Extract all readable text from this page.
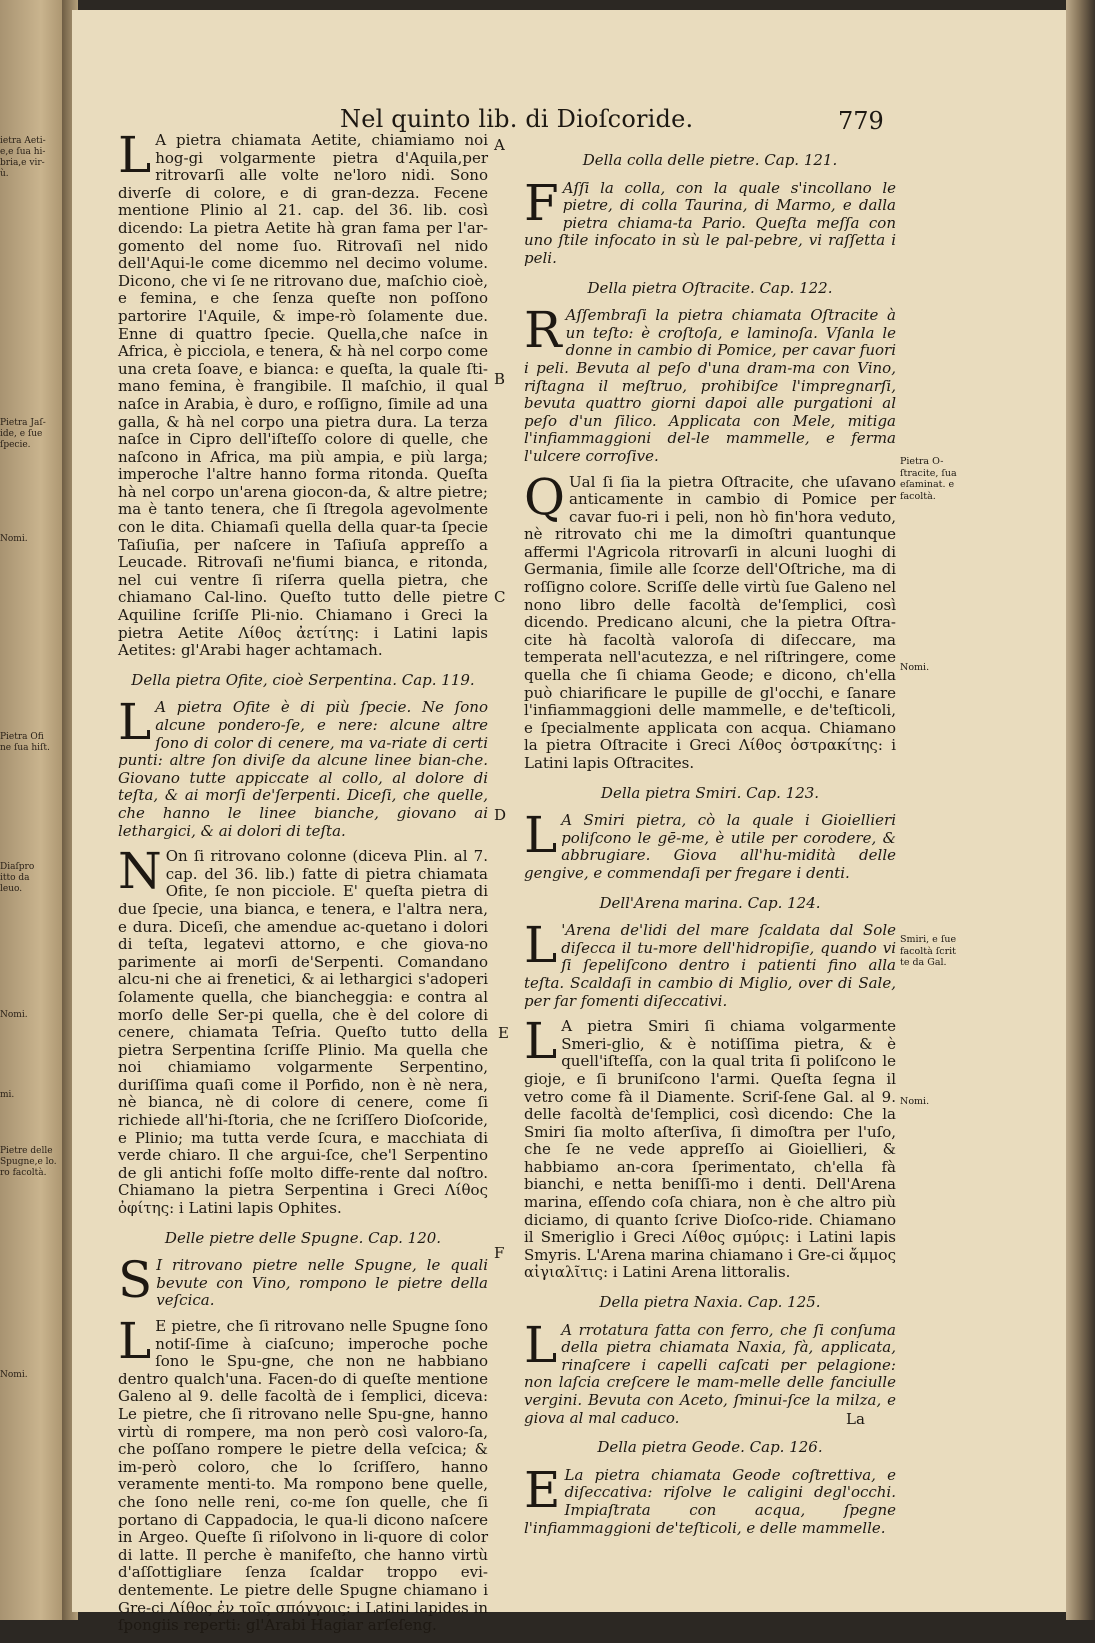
ietra Aeti-
e,e ſua hi-
bria,e vir-
ù.
Pietra Jaſ-
ide, e ſue
ſpecie.
Nomi.
Pietra Ofi
ne ſua hiſt.
Diaſpro
itto da
leuo.
Nomi.
mi.
Pietre delle
Spugne,e lo.
ro facoltà.
Nomi.
Nel quinto lib. di Dioſcoride.	779
A
B
C
D
E
F
L A pietra chiamata Aetite, chiamiamo noi hog-gi volgarmente pietra d'Aquila,per ritrovarſi alle volte ne'loro nidi. Sono diverſe di colore, e di gran-dezza. Fecene mentione Plinio al 21. cap. del 36. lib. così dicendo: La pietra Aetite hà gran fama per l'ar-gomento del nome ſuo. Ritrovaſi nel nido dell'Aqui-le come dicemmo nel decimo volume. Dicono, che vi ſe ne ritrovano due, maſchio cioè, e femina, e che ſenza queſte non poſſono partorire l'Aquile, & impe-rò ſolamente due. Enne di quattro ſpecie. Quella,che naſce in Africa, è picciola, e tenera, & hà nel corpo come una creta ſoave, e bianca: e queſta, la quale ſti-mano femina, è frangibile. Il maſchio, il qual naſce in Arabia, è duro, e roſſigno, ſimile ad una galla, & hà nel corpo una pietra dura. La terza naſce in Cipro dell'iſteſſo colore di quelle, che naſcono in Africa, ma più ampia, e più larga; imperoche l'altre hanno forma ritonda. Queſta hà nel corpo un'arena giocon-da, & altre pietre; ma è tanto tenera, che ſi ſtregola agevolmente con le dita. Chiamaſi quella della quar-ta ſpecie Taſiuſia, per naſcere in Taſiuſa appreſſo a Leucade. Ritrovaſi ne'fiumi bianca, e ritonda, nel cui ventre ſi riſerra quella pietra, che chiamano Cal-lino. Queſto tutto delle pietre Aquiline ſcriſſe Pli-nio. Chiamano i Greci la pietra Aetite Λίθος ἀετίτης: i Latini lapis Aetites: gl'Arabi hager achtamach.
Della pietra Ofite, cioè Serpentina. Cap. 119.
L A pietra Ofite è di più ſpecie. Ne ſono alcune pondero-ſe, e nere: alcune altre ſono di color di cenere, ma va-riate di certi punti: altre ſon diviſe da alcune linee bian-che. Giovano tutte appiccate al collo, al dolore di teſta, & ai morſi de'ſerpenti. Diceſi, che quelle, che hanno le linee bianche, giovano ai lethargici, & ai dolori di teſta.
N On ſi ritrovano colonne (diceva Plin. al 7. cap. del 36. lib.) fatte di pietra chiamata Ofite, ſe non picciole. E' queſta pietra di due ſpecie, una bianca, e tenera, e l'altra nera, e dura. Diceſi, che amendue ac-quetano i dolori di teſta, legatevi attorno, e che giova-no parimente ai morſi de'Serpenti. Comandano alcu-ni che ai frenetici, & ai lethargici s'adoperi ſolamente quella, che biancheggia: e contra al morſo delle Ser-pi quella, che è del colore di cenere, chiamata Teſria. Queſto tutto della pietra Serpentina ſcriſſe Plinio. Ma quella che noi chiamiamo volgarmente Serpentino, duriſſima quaſi come il Porfido, non è nè nera, nè bianca, nè di colore di cenere, come ſi richiede all'hi-ſtoria, che ne ſcriſſero Dioſcoride, e Plinio; ma tutta verde ſcura, e macchiata di verde chiaro. Il che argui-ſce, che'l Serpentino de gli antichi foſſe molto diffe-rente dal noſtro. Chiamano la pietra Serpentina i Greci Λίθος ὀφίτης: i Latini lapis Ophites.
Delle pietre delle Spugne. Cap. 120.
S I ritrovano pietre nelle Spugne, le quali bevute con Vino, rompono le pietre della veſcica.
L E pietre, che ſi ritrovano nelle Spugne ſono notiſ-ſime à ciaſcuno; imperoche poche ſono le Spu-gne, che non ne habbiano dentro qualch'una. Facen-do di queſte mentione Galeno al 9. delle facoltà de i ſemplici, diceva: Le pietre, che ſi ritrovano nelle Spu-gne, hanno virtù di rompere, ma non però così valoro-ſa, che poſſano rompere le pietre della veſcica; & im-però coloro, che lo ſcriſſero, hanno veramente menti-to. Ma rompono bene quelle, che ſono nelle reni, co-me ſon quelle, che ſi portano di Cappadocia, le qua-li dicono naſcere in Argeo. Queſte ſi riſolvono in li-quore di color di latte. Il perche è manifeſto, che hanno virtù d'aſſottigliare ſenza ſcaldar troppo evi-dentemente. Le pietre delle Spugne chiamano i Gre-ci Λίθος ἐν τοῖς σπόγγοις: i Latini lapides in ſpongiis reperti: gl'Arabi Hagiar arſeſeng.
Della colla delle pietre. Cap. 121.
F Aſſi la colla, con la quale s'incollano le pietre, di colla Taurina, di Marmo, e dalla pietra chiama-ta Pario. Queſta meſſa con uno ſtile infocato in sù le pal-pebre, vi raſſetta i peli.
Della pietra Oſtracite. Cap. 122.
R Aſſembraſi la pietra chiamata Oſtracite à un teſto: è croſtoſa, e laminoſa. Vſanla le donne in cambio di Pomice, per cavar fuori i peli. Bevuta al peſo d'una dram-ma con Vino, riſtagna il meſtruo, prohibiſce l'impregnarſi, bevuta quattro giorni dapoi alle purgationi al peſo d'un ſilico. Applicata con Mele, mitiga l'infiammaggioni del-le mammelle, e ferma l'ulcere corroſive.
Q Ual ſi ſia la pietra Oſtracite, che uſavano anticamente in cambio di Pomice per cavar fuo-ri i peli, non hò fin'hora veduto, nè ritrovato chi me la dimoſtri quantunque affermi l'Agricola ritrovarſi in alcuni luoghi di Germania, ſimile alle ſcorze dell'Oſtriche, ma di roſſigno colore. Scriſſe delle virtù ſue Galeno nel nono libro delle facoltà de'ſemplici, così dicendo. Predicano alcuni, che la pietra Oſtra-cite hà facoltà valoroſa di diſeccare, ma temperata nell'acutezza, e nel riſtringere, come quella che ſi chiama Geode; e dicono, ch'ella può chiarificare le pupille de gl'occhi, e ſanare l'infiammaggioni delle mammelle, e de'teſticoli, e ſpecialmente applicata con acqua. Chiamano la pietra Oſtracite i Greci Λίθος ὀστρακίτης: i Latini lapis Oſtracites.
Della pietra Smiri. Cap. 123.
L A Smiri pietra, cò la quale i Gioiellieri poliſcono le gē-me, è utile per corodere, & abbrugiare. Giova all'hu-midità delle gengive, e commendaſi per fregare i denti.
Dell'Arena marina. Cap. 124.
L 'Arena de'lidi del mare ſcaldata dal Sole diſecca il tu-more dell'hidropiſie, quando vi ſi ſepeliſcono dentro i patienti fino alla teſta. Scaldaſi in cambio di Miglio, over di Sale, per far fomenti diſeccativi.
L A pietra Smiri ſi chiama volgarmente Smeri-glio, & è notiſſima pietra, & è quell'iſteſſa, con la qual trita ſi poliſcono le gioje, e ſi bruniſcono l'armi. Queſta ſegna il vetro come fà il Diamente. Scriſ-ſene Gal. al 9. delle facoltà de'ſemplici, così dicendo: Che la Smiri ſia molto aſterſiva, ſi dimoſtra per l'uſo, che ſe ne vede appreſſo ai Gioiellieri, & habbiamo an-cora ſperimentato, ch'ella fà bianchi, e netta beniſſi-mo i denti. Dell'Arena marina, eſſendo coſa chiara, non è che altro più diciamo, di quanto ſcrive Dioſco-ride. Chiamano il Smeriglio i Greci Λίθος σμύρις: i Latini lapis Smyris. L'Arena marina chiamano i Gre-ci ἄμμος αἰγιαλῖτις: i Latini Arena littoralis.
Della pietra Naxia. Cap. 125.
L A rrotatura fatta con ferro, che ſi conſuma della pietra chiamata Naxia, fà, applicata, rinaſcere i capelli caſcati per pelagione: non laſcia creſcere le mam-melle delle fanciulle vergini. Bevuta con Aceto, ſminui-ſce la milza, e giova al mal caduco.
Della pietra Geode. Cap. 126.
E La pietra chiamata Geode coſtrettiva, e diſeccativa: riſolve le caligini degl'occhi. Impiaſtrata con acqua, ſpegne l'infiammaggioni de'teſticoli, e delle mammelle.
Pietra O-
ſtracite, ſua
eſaminat. e
facoltà.
Nomi.
Smiri, e ſue
facoltà ſcrit
te da Gal.
Nomi.
La
